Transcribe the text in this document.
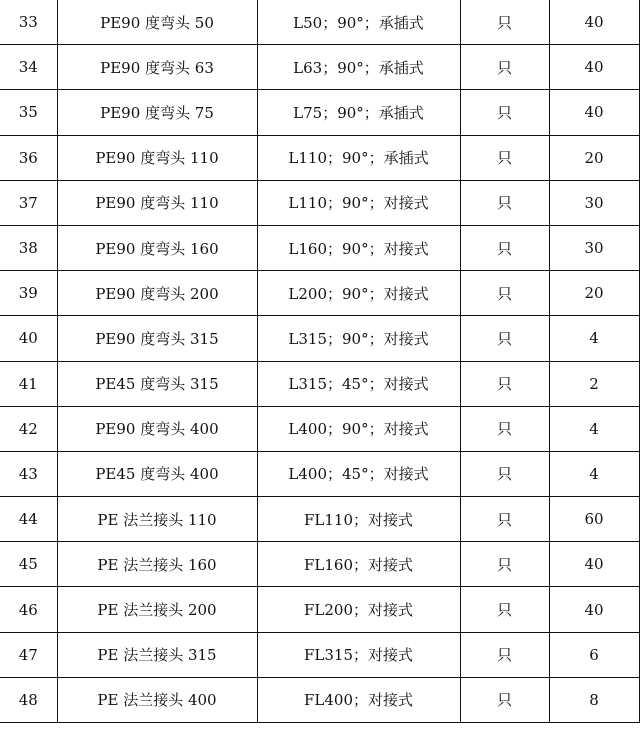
33	PE90 度弯头 50	L50；90°；承插式	只	40
34	PE90 度弯头 63	L63；90°；承插式	只	40
35	PE90 度弯头 75	L75；90°；承插式	只	40
36	PE90 度弯头 110	L110；90°；承插式	只	20
37	PE90 度弯头 110	L110；90°；对接式	只	30
38	PE90 度弯头 160	L160；90°；对接式	只	30
39	PE90 度弯头 200	L200；90°；对接式	只	20
40	PE90 度弯头 315	L315；90°；对接式	只	4
41	PE45 度弯头 315	L315；45°；对接式	只	2
42	PE90 度弯头 400	L400；90°；对接式	只	4
43	PE45 度弯头 400	L400；45°；对接式	只	4
44	PE 法兰接头 110	FL110；对接式	只	60
45	PE 法兰接头 160	FL160；对接式	只	40
46	PE 法兰接头 200	FL200；对接式	只	40
47	PE 法兰接头 315	FL315；对接式	只	6
48	PE 法兰接头 400	FL400；对接式	只	8
